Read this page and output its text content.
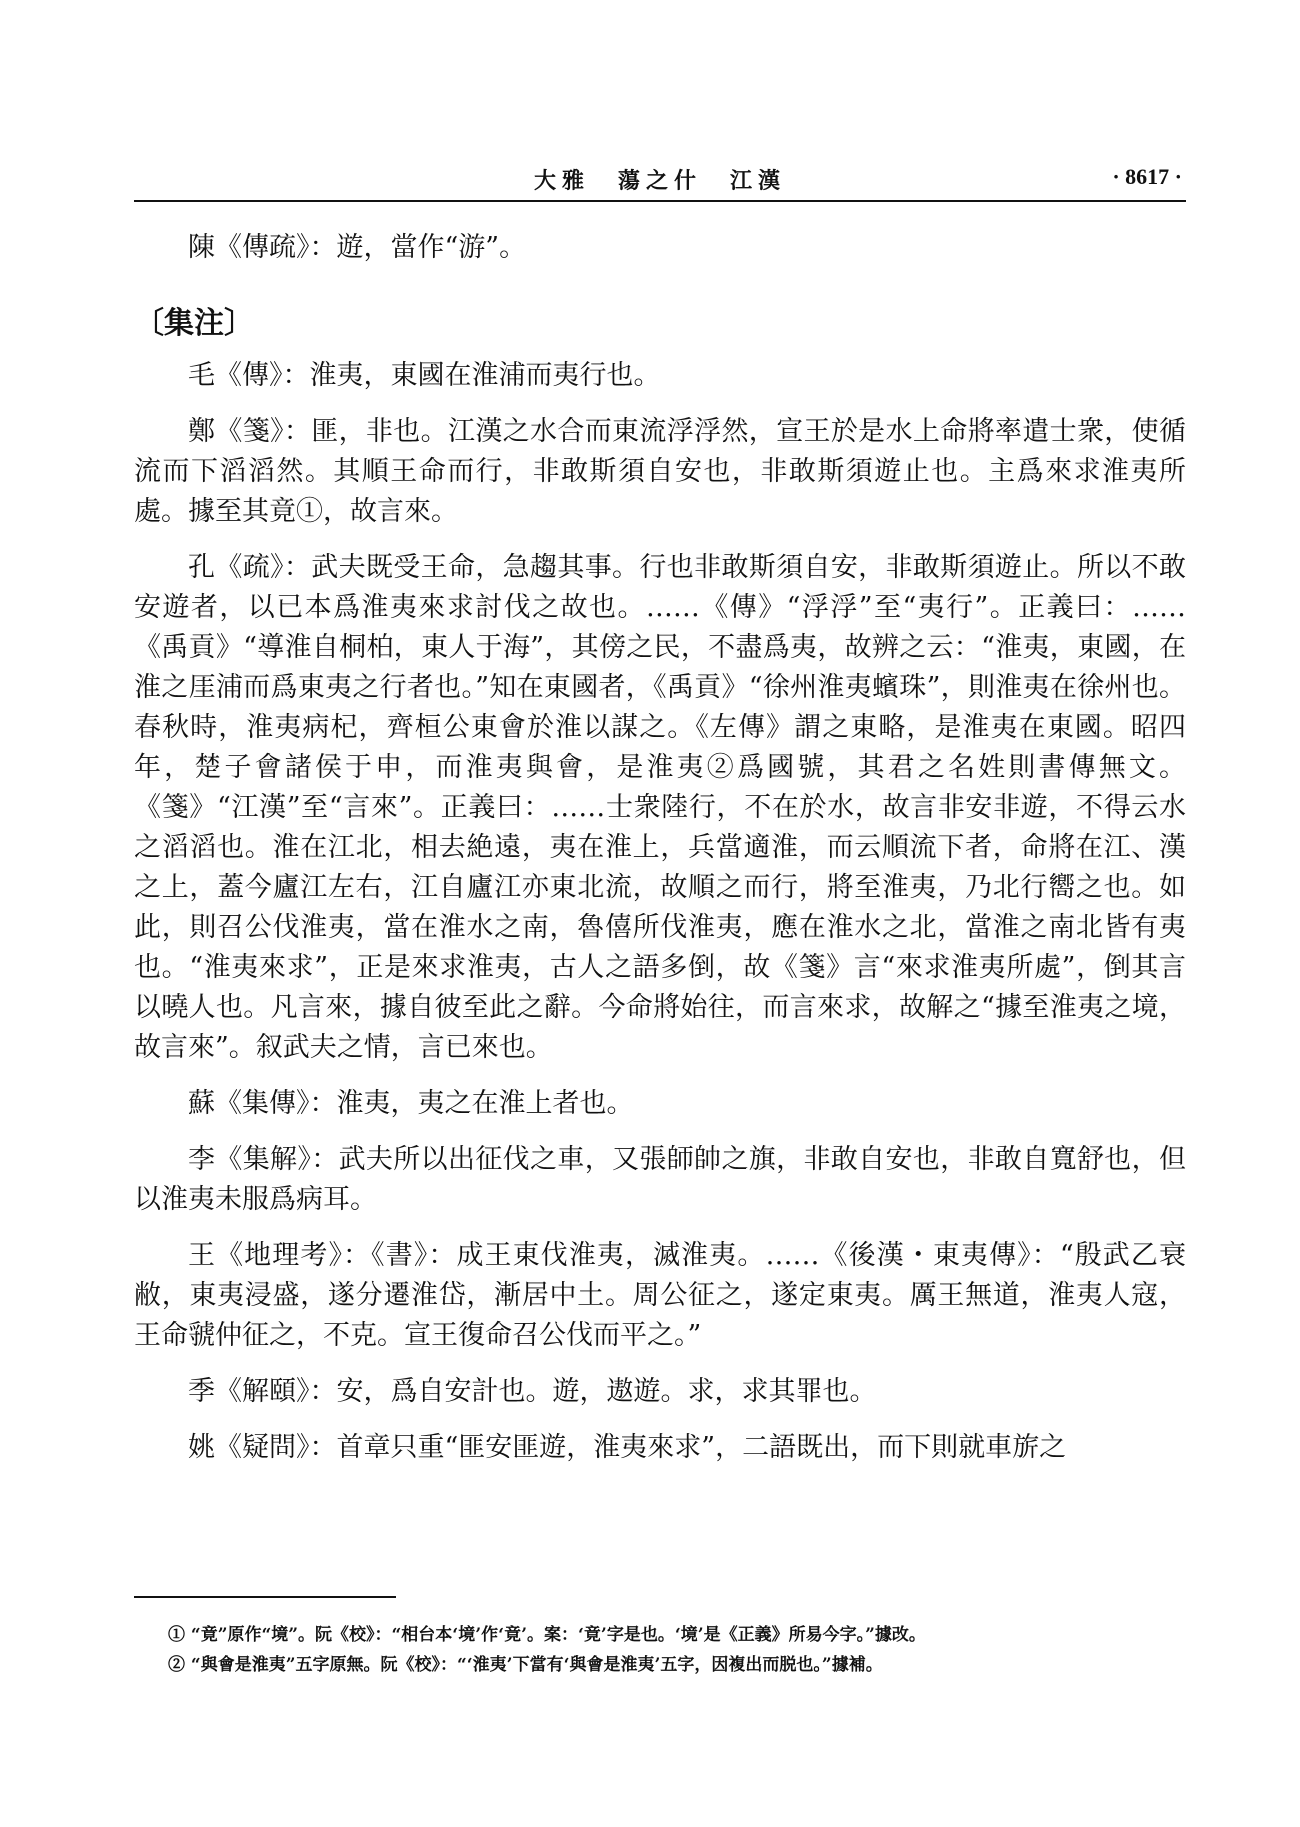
大雅　蕩之什　江漢	· 8617 ·

陳《傳疏》：遊，當作“游”。

〔集注〕

毛《傳》：淮夷，東國在淮浦而夷行也。

鄭《箋》：匪，非也。江漢之水合而東流浮浮然，宣王於是水上命將率遣士衆，使循流而下滔滔然。其順王命而行，非敢斯須自安也，非敢斯須遊止也。主爲來求淮夷所處。據至其竟①，故言來。

孔《疏》：武夫既受王命，急趨其事。行也非敢斯須自安，非敢斯須遊止。所以不敢安遊者，以已本爲淮夷來求討伐之故也。……《傳》“浮浮”至“夷行”。正義曰：……《禹貢》“導淮自桐柏，東人于海”，其傍之民，不盡爲夷，故辨之云：“淮夷，東國，在淮之厓浦而爲東夷之行者也。”知在東國者，《禹貢》“徐州淮夷蠙珠”，則淮夷在徐州也。春秋時，淮夷病杞，齊桓公東會於淮以謀之。《左傳》謂之東略，是淮夷在東國。昭四年，楚子會諸侯于申，而淮夷與會，是淮夷②爲國號，其君之名姓則書傳無文。《箋》“江漢”至“言來”。正義曰：……士衆陸行，不在於水，故言非安非遊，不得云水之滔滔也。淮在江北，相去絶遠，夷在淮上，兵當適淮，而云順流下者，命將在江、漢之上，蓋今廬江左右，江自廬江亦東北流，故順之而行，將至淮夷，乃北行嚮之也。如此，則召公伐淮夷，當在淮水之南，魯僖所伐淮夷，應在淮水之北，當淮之南北皆有夷也。“淮夷來求”，正是來求淮夷，古人之語多倒，故《箋》言“來求淮夷所處”，倒其言以曉人也。凡言來，據自彼至此之辭。今命將始往，而言來求，故解之“據至淮夷之境，故言來”。叙武夫之情，言已來也。

蘇《集傳》：淮夷，夷之在淮上者也。

李《集解》：武夫所以出征伐之車，又張師帥之旗，非敢自安也，非敢自寬舒也，但以淮夷未服爲病耳。

王《地理考》：《書》：成王東伐淮夷，滅淮夷。……《後漢・東夷傳》：“殷武乙衰敝，東夷浸盛，遂分遷淮岱，漸居中土。周公征之，遂定東夷。厲王無道，淮夷人寇，王命虢仲征之，不克。宣王復命召公伐而平之。”

季《解頤》：安，爲自安計也。遊，遨遊。求，求其罪也。

姚《疑問》：首章只重“匪安匪遊，淮夷來求”，二語既出，而下則就車旂之

① “竟”原作“境”。阮《校》：“相台本‘境’作‘竟’。案：‘竟’字是也。‘境’是《正義》所易今字。”據改。

② “與會是淮夷”五字原無。阮《校》：“‘淮夷’下當有‘與會是淮夷’五字，因複出而脱也。”據補。
